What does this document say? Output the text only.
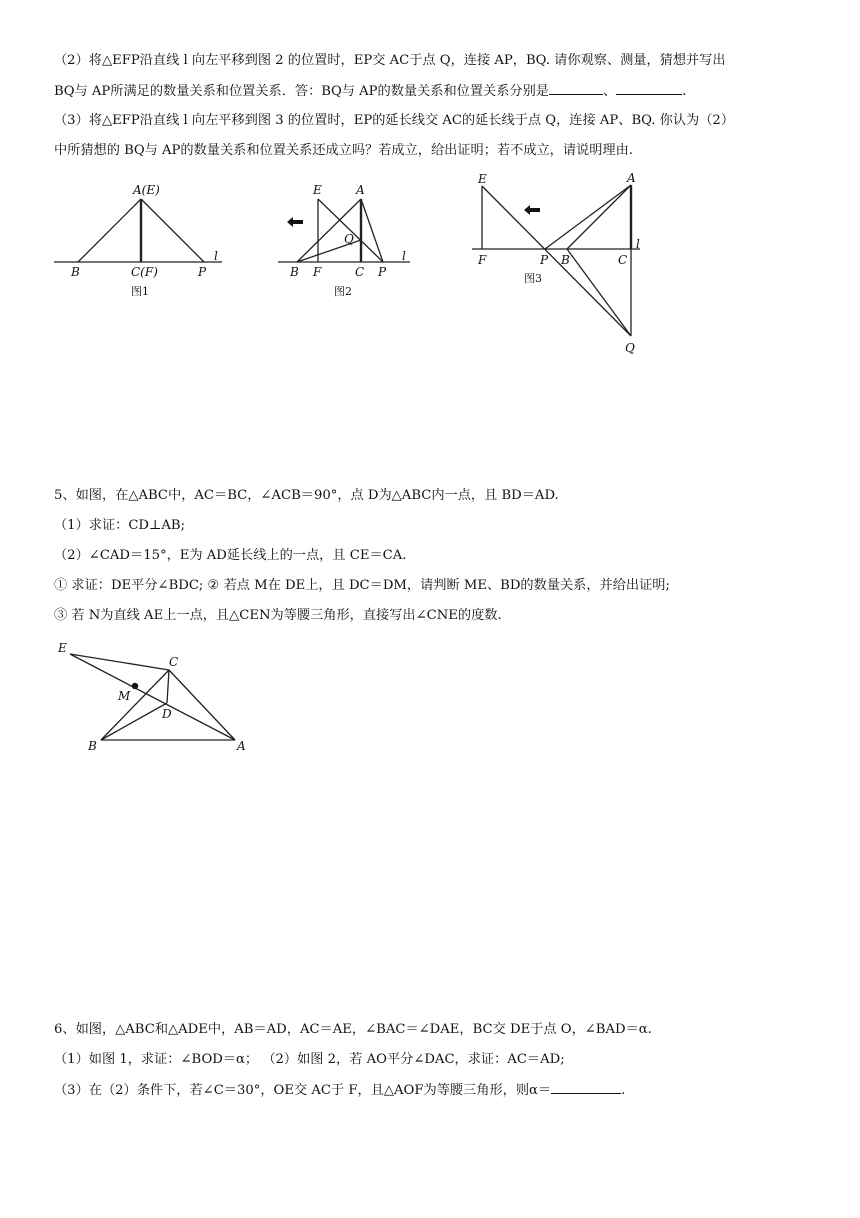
（2）将△EFP沿直线 l 向左平移到图 2 的位置时，EP交 AC于点 Q，连接 AP，BQ. 请你观察、测量，猜想并写出
BQ与 AP所满足的数量关系和位置关系．答：BQ与 AP的数量关系和位置关系分别是	、	.
（3）将△EFP沿直线 l 向左平移到图 3 的位置时，EP的延长线交 AC的延长线于点 Q，连接 AP、BQ. 你认为（2）
中所猜想的 BQ与 AP的数量关系和位置关系还成立吗？若成立，给出证明；若不成立，请说明理由.
A(E)
B	C(F)	P
l
图1
E	A
Q
B F	C P
l
图2
E	A
F	P B	C
l
Q
图3
5、如图，在△ABC中，AC＝BC，∠ACB＝90°，点 D为△ABC内一点，且 BD＝AD.
（1）求证：CD⊥AB;
（2）∠CAD＝15°，E为 AD延长线上的一点，且 CE＝CA.
① 求证：DE平分∠BDC; ② 若点 M在 DE上，且 DC＝DM，请判断 ME、BD的数量关系，并给出证明;
③ 若 N为直线 AE上一点，且△CEN为等腰三角形，直接写出∠CNE的度数.
E
C
M
D
B	A
6、如图，△ABC和△ADE中，AB＝AD，AC＝AE，∠BAC＝∠DAE，BC交 DE于点 O，∠BAD＝α.
（1）如图 1，求证：∠BOD＝α； （2）如图 2，若 AO平分∠DAC，求证：AC＝AD;
（3）在（2）条件下，若∠C＝30°，OE交 AC于 F，且△AOF为等腰三角形，则α＝	.
